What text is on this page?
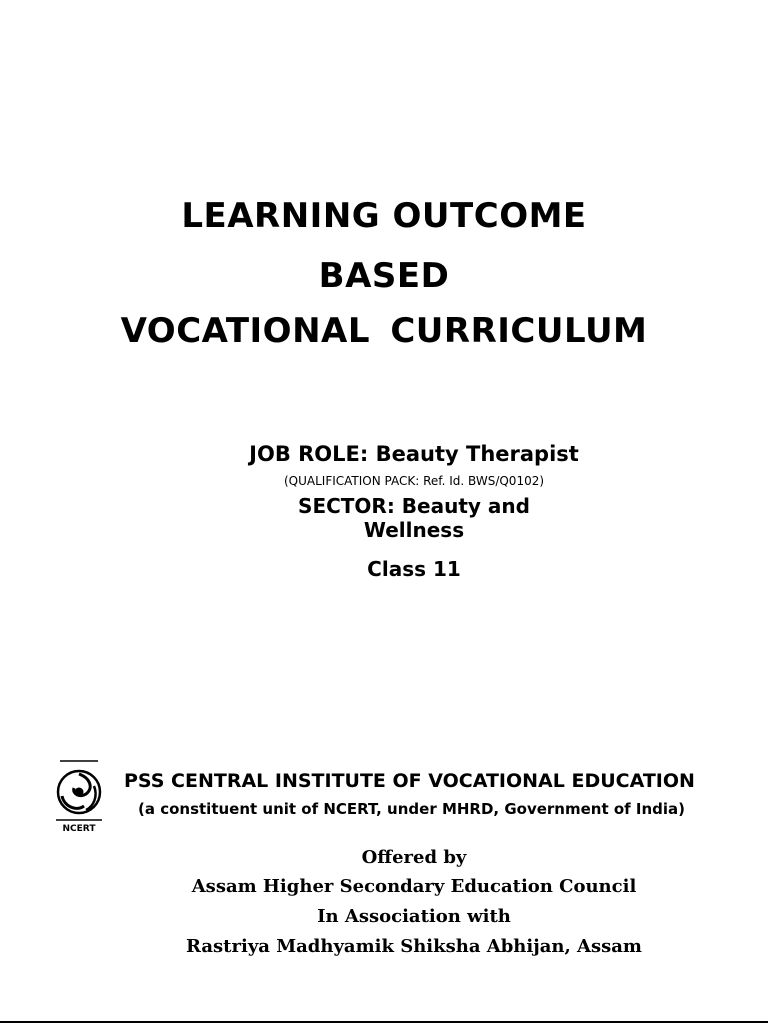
LEARNING OUTCOME
BASED
VOCATIONAL CURRICULUM
JOB ROLE: Beauty Therapist
(QUALIFICATION PACK: Ref. Id. BWS/Q0102)
SECTOR: Beauty and Wellness
Class 11
NCERT
PSS CENTRAL INSTITUTE OF VOCATIONAL EDUCATION
(a constituent unit of NCERT, under MHRD, Government of India)
Offered by
Assam Higher Secondary Education Council
In Association with
Rastriya Madhyamik Shiksha Abhijan, Assam
